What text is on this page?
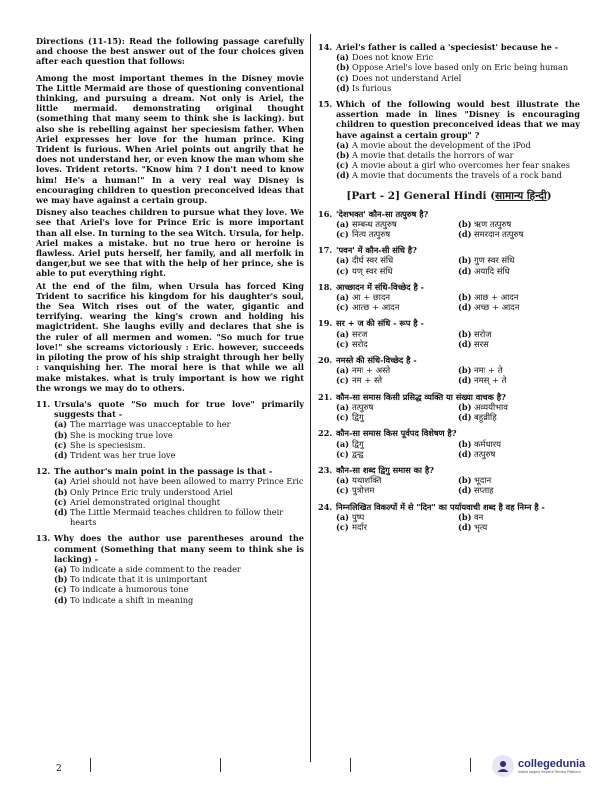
Directions (11-15): Read the following passage carefully and choose the best answer out of the four choices given after each question that follows:

Among the most important themes in the Disney movie The Little Mermaid are those of questioning conventional thinking, and pursuing a dream. Not only is Ariel, the little mermaid. demonstrating original thought (something that many seem to think she is lacking). but also she is rebelling against her speciesism father. When Ariel expresses her love for the human prince. King Trident is furious. When Ariel points out angrily that he does not understand her, or even know the man whom she loves. Trident retorts. "Know him ? I don't need to know him! He's a human!" In a very real way Disney is encouraging children to question preconceived ideas that we may have against a certain group.

Disney also teaches children to pursue what they love. We see that Ariel's love for Prince Eric is more important than all else. In turning to the sea Witch. Ursula, for help. Ariel makes a mistake. but no true hero or heroine is flawless. Ariel puts herself, her family, and all merfolk in danger,but we see that with the help of her prince, she is able to put everything right.

At the end of the film, when Ursula has forced King Trident to sacrifice his kingdom for his daughter's soul, the Sea Witch rises out of the water, gigantic and terrifying. wearing the king's crown and holding his magictrident. She laughs evilly and declares that she is the ruler of all mermen and women. "So much for true love!" she screams victoriously : Eric. however, succeeds in piloting the prow of his ship straight through her belly : vanquishing her. The moral here is that while we all make mistakes. what is truly important is how we right the wrongs we may do to others.

11. Ursula's quote "So much for true love" primarily suggests that -
(a) The marriage was unacceptable to her
(b) She is mocking true love
(c) She is speciesism.
(d) Trident was her true love
12. The author's main point in the passage is that -
(a) Ariel should not have been allowed to marry Prince Eric
(b) Only Prince Eric truly understood Ariel
(c) Ariel demonstrated original thought
(d) The Little Mermaid teaches children to follow their hearts
13. Why does the author use parentheses around the comment (Something that many seem to think she is lacking) -
(a) To indicate a side comment to the reader
(b) To indicate that it is unimportant
(c) To indicate a humorous tone
(d) To indicate a shift in meaning
14. Ariel's father is called a 'speciesist' because he -
(a) Does not know Eric
(b) Oppose Ariel's love based only on Eric being human
(c) Does not understand Ariel
(d) Is furious
15. Which of the following would best illustrate the assertion made in lines "Disney is encouraging children to question preconceived ideas that we may have against a certain group" ?
(a) A movie about the development of the iPod
(b) A movie that details the horrors of war
(c) A movie about a girl who overcomes her fear snakes
(d) A movie that documents the travels of a rock band
[Part - 2] General Hindi (सामान्य हिन्दी)
16. 'देशभक्त' कौन-सा तत्पुरुष है?
(a) सम्बन्ध तत्पुरुष	(b) ऋण तत्पुरुष
(c) नित्य तत्पुरुष	(d) समरदान तत्पुरुष
17. 'पवन' में कौन-सी संधि है?
(a) दीर्घ स्वर संधि	(b) गुण स्वर संधि
(c) यण् स्वर संधि	(d) अयादि संधि
18. आच्छादन में संधि-विच्छेद है -
(a) आ + छादन	(b) आछ + आदन
(c) आत्छ + आदन	(d) अच्छ + आदन
19. सर + ज की संधि - रूप है -
(a) सरज	(b) सरोज
(c) सरोद	(d) सरस
20. नमस्ते की संधि-विच्छेद है -
(a) नमः + अस्ते	(b) नमः + ते
(c) नम + स्ते	(d) नमस् + ते
21. कौन-सा समास किसी प्रसिद्ध व्यक्ति या संख्या वाचक है?
(a) तत्पुरुष	(b) अव्ययीभाव
(c) द्विगु	(d) बहुव्रीहि
22. कौन-सा समास किस पूर्वपद विशेषण है?
(a) द्विगु	(b) कर्मधारय
(c) द्वन्द्व	(d) तत्पुरुष
23. कौन-सा शब्द द्विगु समास का है?
(a) यथाशक्ति	(b) भूदान
(c) पुत्रोत्तम	(d) सप्ताह
24. निम्नलिखित विकल्पों में से "दिन" का पर्यायवाची शब्द है वह निम्न है -
(a) पुष्प	(b) वन
(c) मर्दार	(d) भृत्य
2	collegedunia
India's largest Student Review Platform
